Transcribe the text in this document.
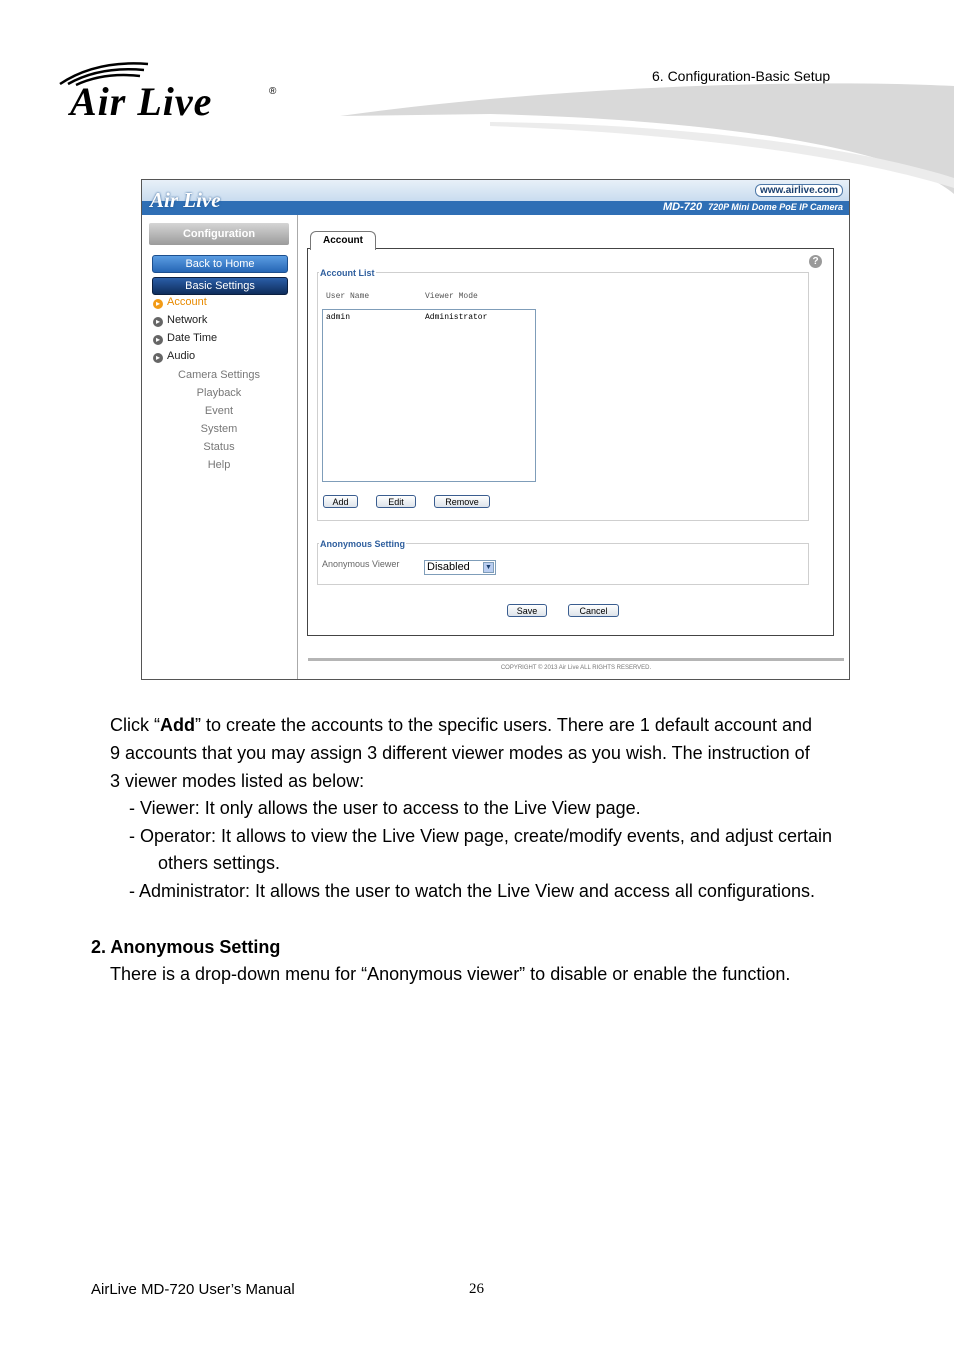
6. Configuration-Basic Setup
Air Live	®
Air Live	www.airlive.com
MD-720 720P Mini Dome PoE IP Camera
Configuration
Back to Home
Basic Settings
▸ Account
▸ Network
▸ Date Time
▸ Audio
Camera Settings
Playback
Event
System
Status
Help
Account
?
Account List
User Name	Viewer Mode
admin	Administrator
Add	Edit	Remove
Anonymous Setting
Anonymous Viewer	Disabled ▼
Save	Cancel
COPYRIGHT © 2013 Air Live ALL RIGHTS RESERVED.
Click “Add” to create the accounts to the specific users. There are 1 default account and
9 accounts that you may assign 3 different viewer modes as you wish. The instruction of
3 viewer modes listed as below:
- Viewer: It only allows the user to access to the Live View page.
- Operator: It allows to view the Live View page, create/modify events, and adjust certain
others settings.
- Administrator: It allows the user to watch the Live View and access all configurations.
2. Anonymous Setting
There is a drop-down menu for “Anonymous viewer” to disable or enable the function.
AirLive MD-720 User’s Manual	26
